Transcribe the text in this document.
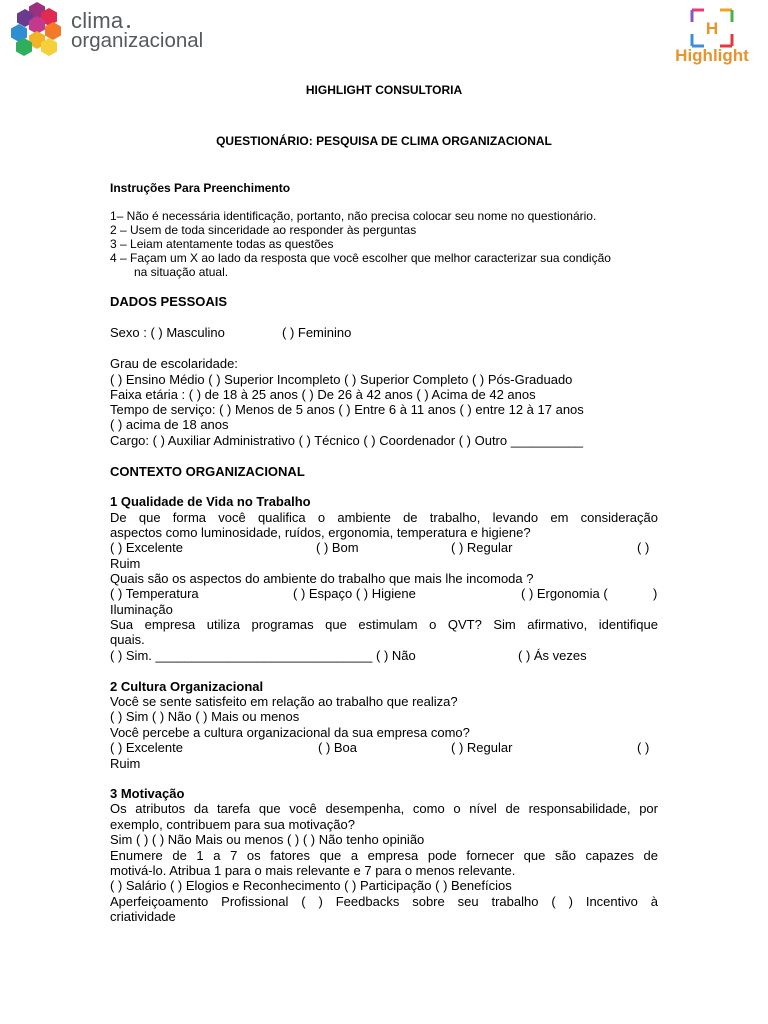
clima
organizacional
H
Highlight
HIGHLIGHT CONSULTORIA
QUESTIONÁRIO: PESQUISA DE CLIMA ORGANIZACIONAL
Instruções Para Preenchimento
1– Não é necessária identificação, portanto, não precisa colocar seu nome no questionário.
2 – Usem de toda sinceridade ao responder às perguntas
3 – Leiam atentamente todas as questões
4 – Façam um X ao lado da resposta que você escolher que melhor caracterizar sua condição
na situação atual.
DADOS PESSOAIS
Sexo : ( ) Masculino	( ) Feminino
Grau de escolaridade:
( ) Ensino Médio ( ) Superior Incompleto ( ) Superior Completo ( ) Pós-Graduado
Faixa etária : ( ) de 18 à 25 anos ( ) De 26 à 42 anos ( ) Acima de 42 anos
Tempo de serviço: ( ) Menos de 5 anos ( ) Entre 6 à 11 anos ( ) entre 12 à 17 anos
( ) acima de 18 anos
Cargo: ( ) Auxiliar Administrativo ( ) Técnico ( ) Coordenador ( ) Outro __________
CONTEXTO ORGANIZACIONAL
1 Qualidade de Vida no Trabalho
De que forma você qualifica o ambiente de trabalho, levando em consideração
aspectos como luminosidade, ruídos, ergonomia, temperatura e higiene?
( ) Excelente	( ) Bom	( ) Regular	( )
Ruim
Quais são os aspectos do ambiente do trabalho que mais lhe incomoda ?
( ) Temperatura	( ) Espaço ( ) Higiene	( ) Ergonomia (	)
Iluminação
Sua empresa utiliza programas que estimulam o QVT? Sim afirmativo, identifique
quais.
( ) Sim. ______________________________ ( ) Não	( ) Ás vezes
2 Cultura Organizacional
Você se sente satisfeito em relação ao trabalho que realiza?
( ) Sim ( ) Não ( ) Mais ou menos
Você percebe a cultura organizacional da sua empresa como?
( ) Excelente	( ) Boa	( ) Regular	( )
Ruim
3 Motivação
Os atributos da tarefa que você desempenha, como o nível de responsabilidade, por
exemplo, contribuem para sua motivação?
Sim ( ) ( ) Não Mais ou menos ( ) ( ) Não tenho opinião
Enumere de 1 a 7 os fatores que a empresa pode fornecer que são capazes de
motivá-lo. Atribua 1 para o mais relevante e 7 para o menos relevante.
( ) Salário ( ) Elogios e Reconhecimento ( ) Participação ( ) Benefícios
Aperfeiçoamento Profissional ( ) Feedbacks sobre seu trabalho ( ) Incentivo à
criatividade
